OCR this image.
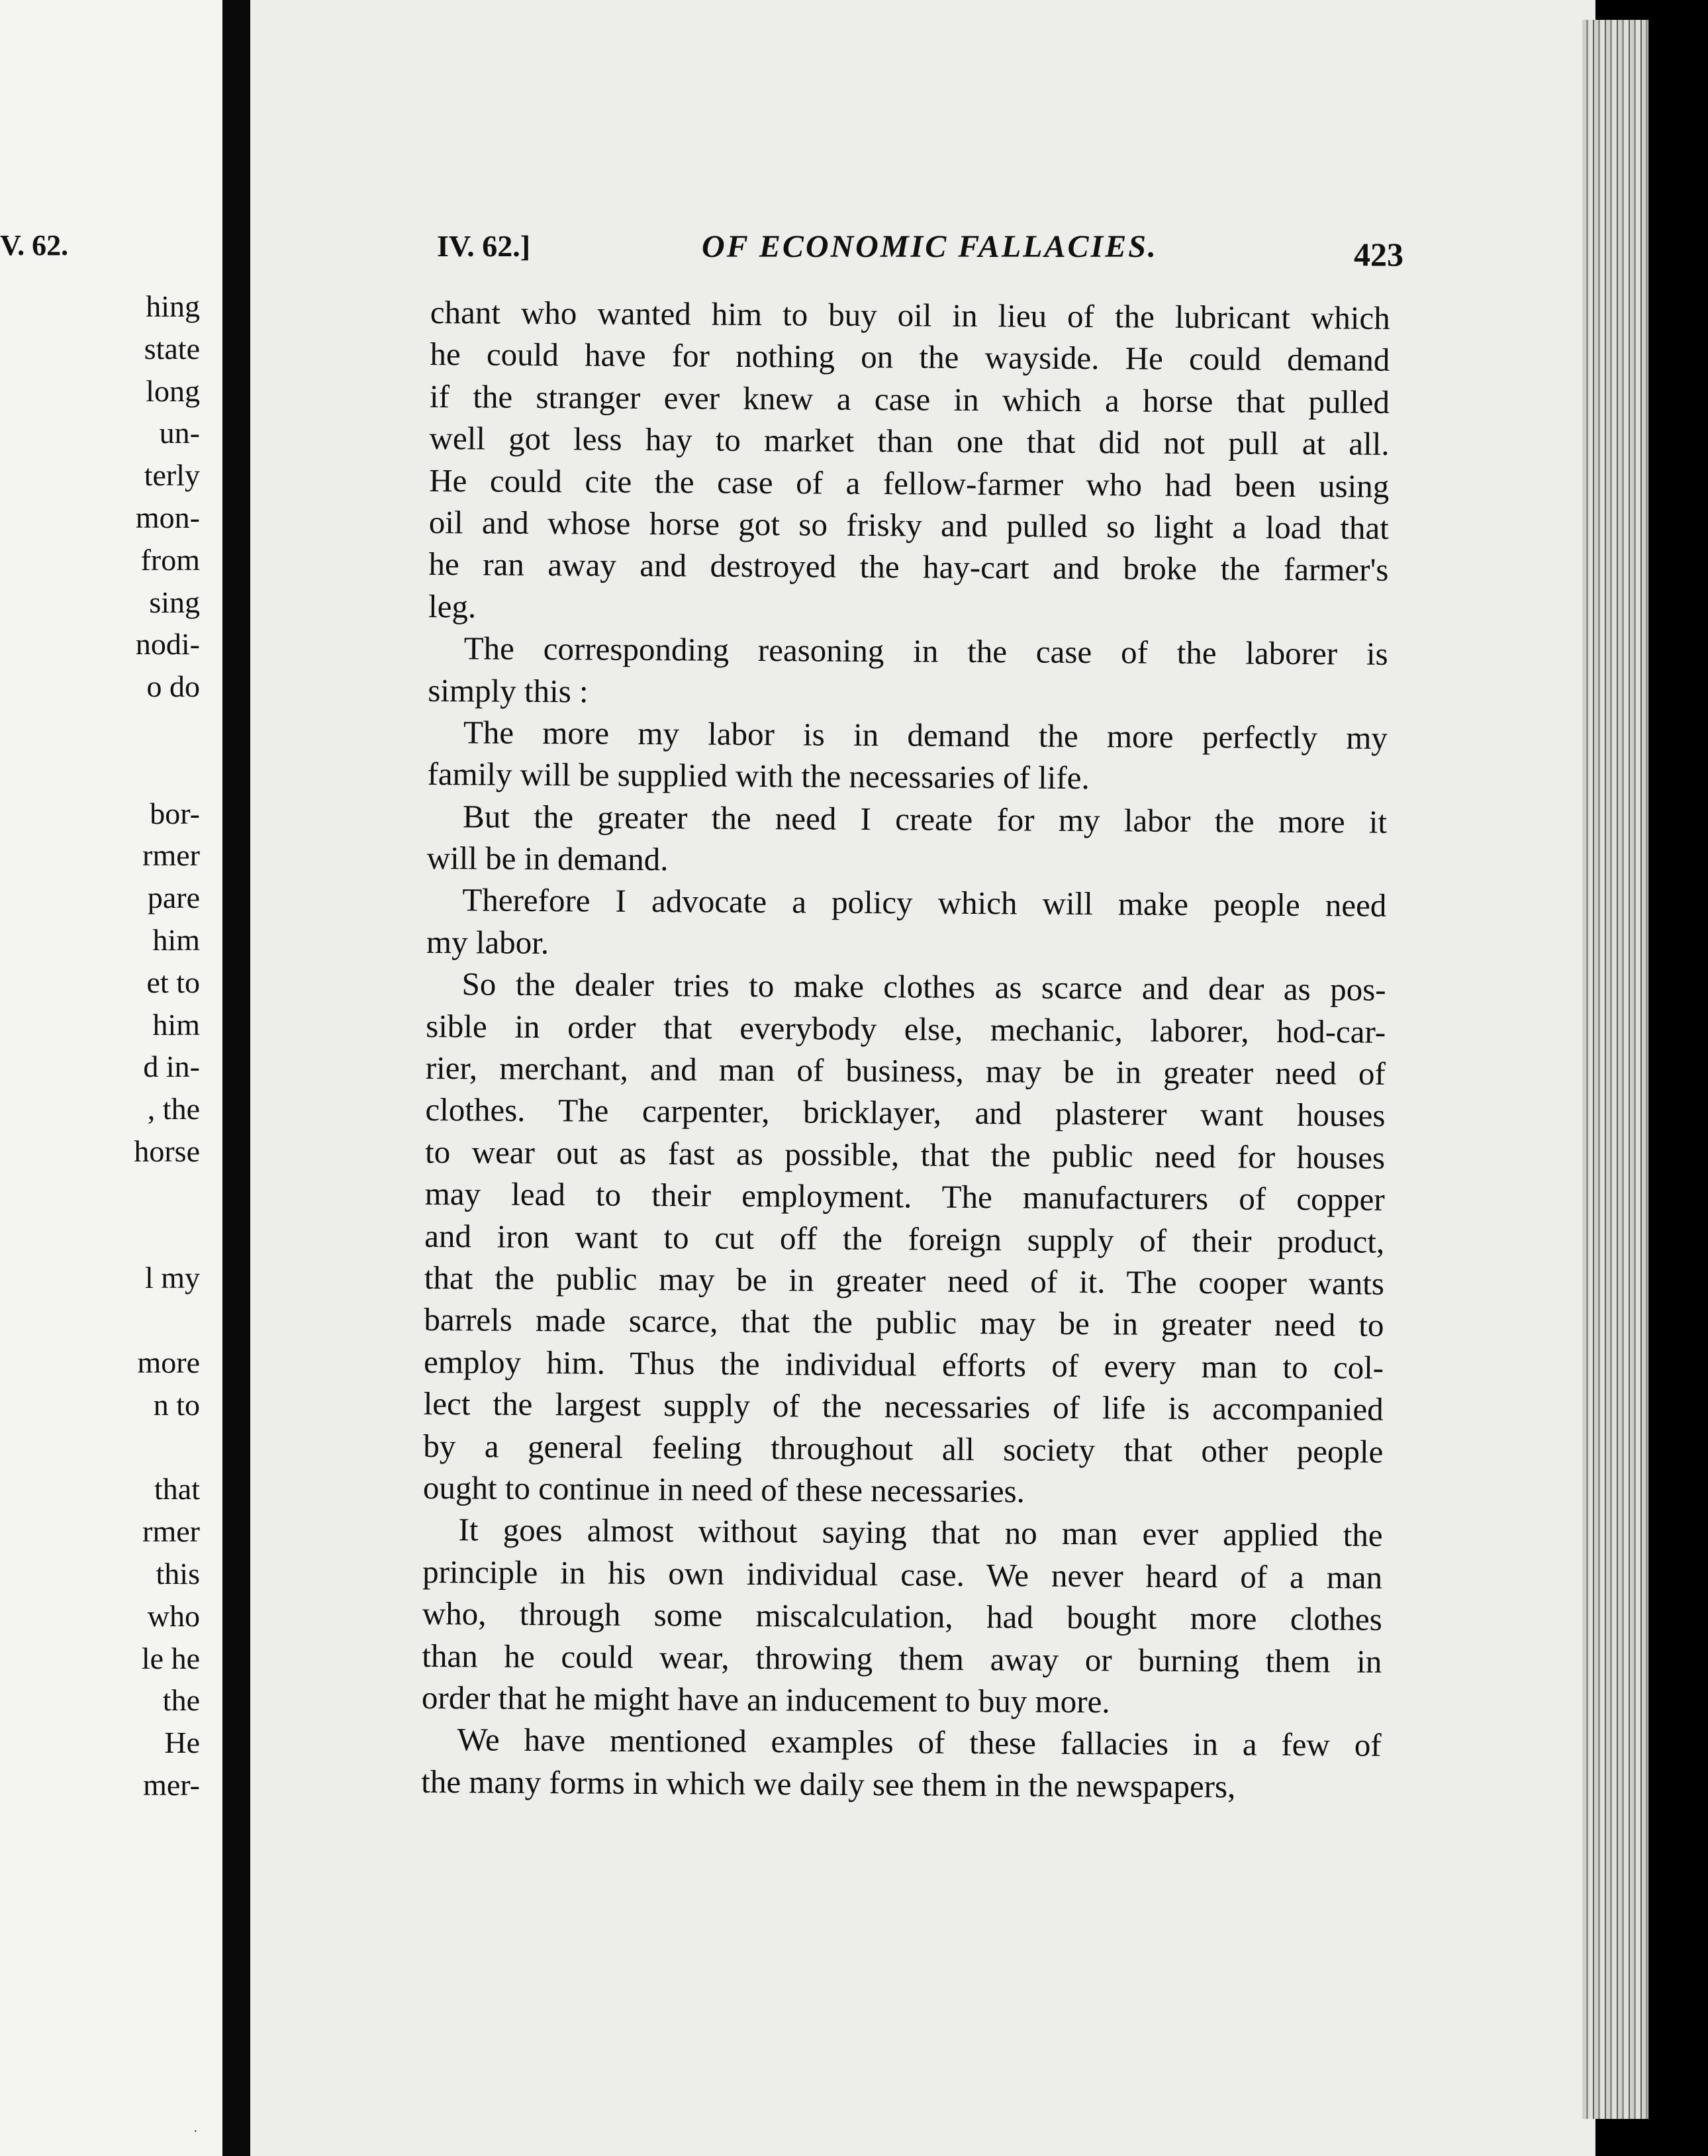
V. 62.
hing
state
long
un-
terly
mon-
from
sing
nodi-
o do
bor-
rmer
pare
him
et to
him
d in-
, the
horse
l my
more
n to
that
rmer
this
who
le he
the
He
mer-
IV. 62.]	OF ECONOMIC FALLACIES.	423
chant who wanted him to buy oil in lieu of the lubricant which
he could have for nothing on the wayside. He could demand
if the stranger ever knew a case in which a horse that pulled
well got less hay to market than one that did not pull at all.
He could cite the case of a fellow-farmer who had been using
oil and whose horse got so frisky and pulled so light a load that
he ran away and destroyed the hay-cart and broke the farmer's
leg.
The corresponding reasoning in the case of the laborer is
simply this :
The more my labor is in demand the more perfectly my
family will be supplied with the necessaries of life.
But the greater the need I create for my labor the more it
will be in demand.
Therefore I advocate a policy which will make people need
my labor.
So the dealer tries to make clothes as scarce and dear as pos-
sible in order that everybody else, mechanic, laborer, hod-car-
rier, merchant, and man of business, may be in greater need of
clothes. The carpenter, bricklayer, and plasterer want houses
to wear out as fast as possible, that the public need for houses
may lead to their employment. The manufacturers of copper
and iron want to cut off the foreign supply of their product,
that the public may be in greater need of it. The cooper wants
barrels made scarce, that the public may be in greater need to
employ him. Thus the individual efforts of every man to col-
lect the largest supply of the necessaries of life is accompanied
by a general feeling throughout all society that other people
ought to continue in need of these necessaries.
It goes almost without saying that no man ever applied the
principle in his own individual case. We never heard of a man
who, through some miscalculation, had bought more clothes
than he could wear, throwing them away or burning them in
order that he might have an inducement to buy more.
We have mentioned examples of these fallacies in a few of
the many forms in which we daily see them in the newspapers,
·
